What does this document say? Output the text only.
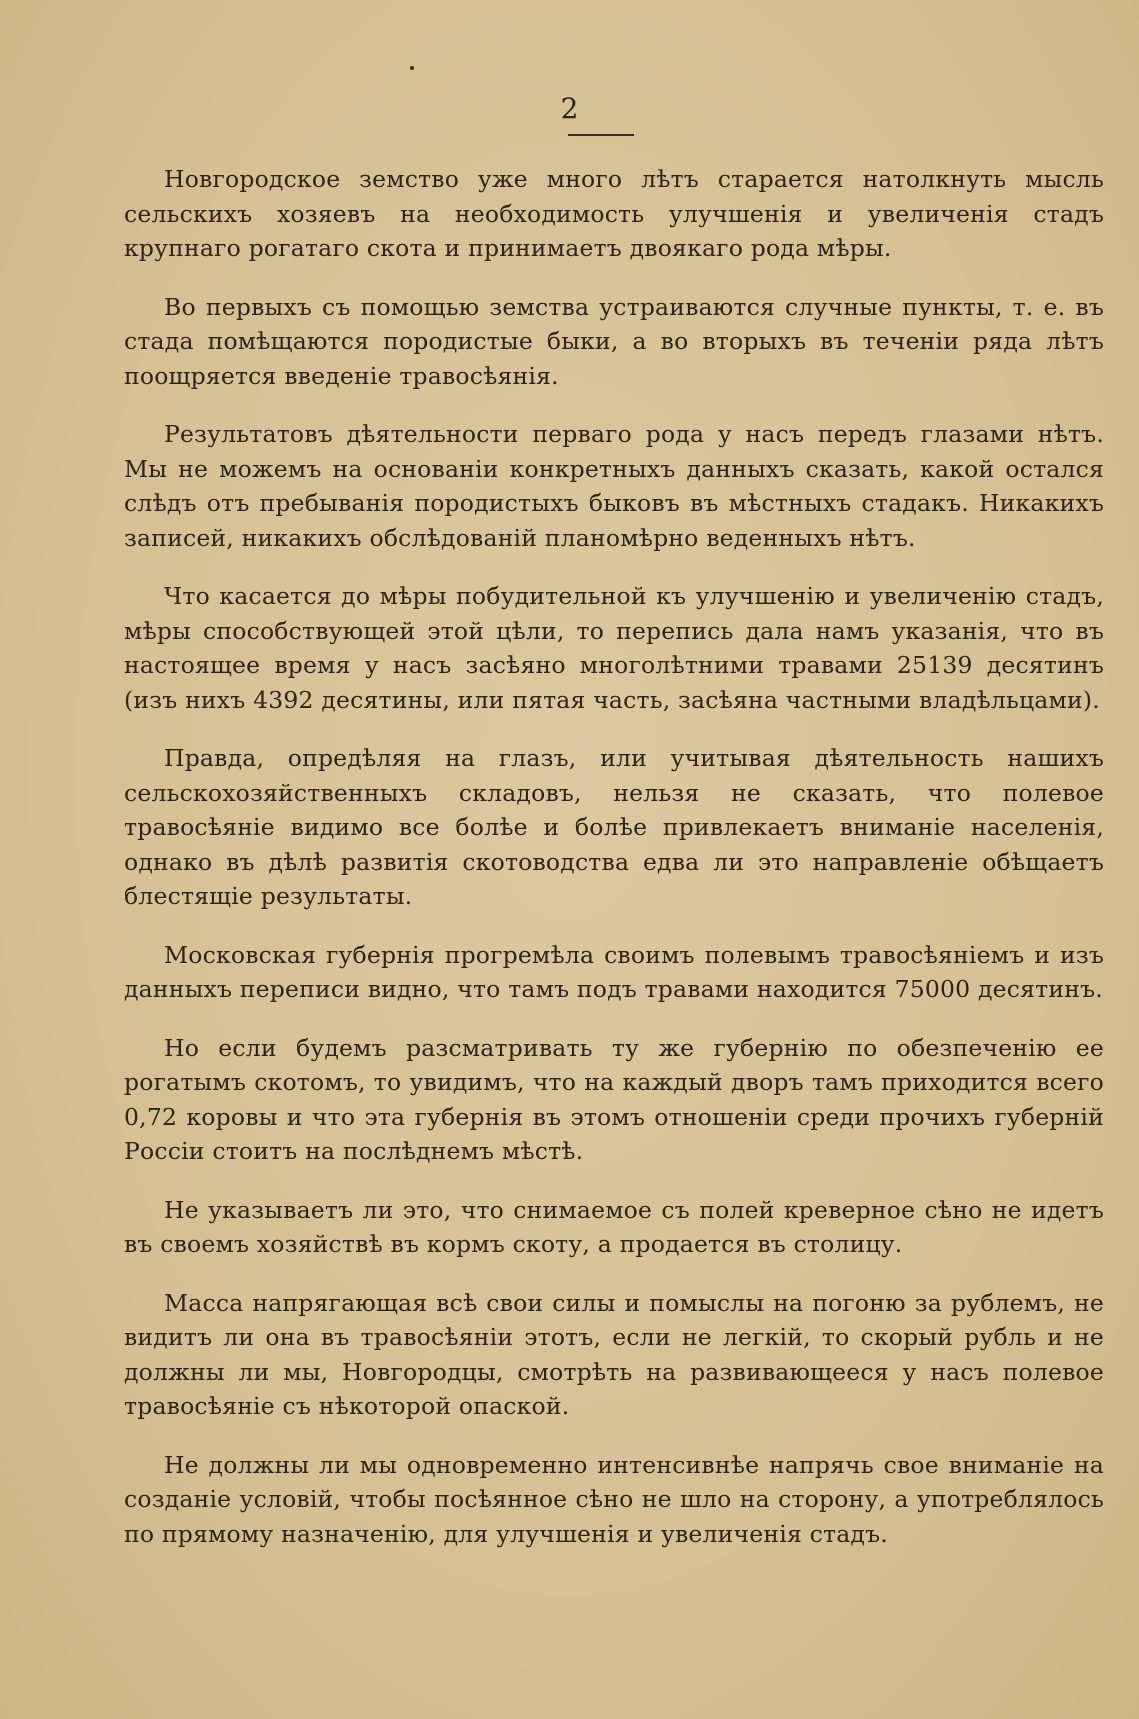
2

Новгородское земство уже много лѣтъ старается натолкнуть мысль сельскихъ хозяевъ на необходимость улучшенія и увеличенія стадъ крупнаго рогатаго скота и принимаетъ двоякаго рода мѣры.

Во первыхъ съ помощью земства устраиваются случные пункты, т. е. въ стада помѣщаются породистые быки, а во вторыхъ въ теченіи ряда лѣтъ поощряется введеніе травосѣянія.

Результатовъ дѣятельности перваго рода у насъ передъ глазами нѣтъ. Мы не можемъ на основаніи конкретныхъ данныхъ сказать, какой остался слѣдъ отъ пребыванія породистыхъ быковъ въ мѣстныхъ стадакъ. Никакихъ записей, никакихъ обслѣдованій планомѣрно веденныхъ нѣтъ.

Что касается до мѣры побудительной къ улучшенію и увеличенію стадъ, мѣры способствующей этой цѣли, то перепись дала намъ указанія, что въ настоящее время у насъ засѣяно многолѣтними травами 25139 десятинъ (изъ нихъ 4392 десятины, или пятая часть, засѣяна частными владѣльцами).

Правда, опредѣляя на глазъ, или учитывая дѣятельность нашихъ сельскохозяйственныхъ складовъ, нельзя не сказать, что полевое травосѣяніе видимо все болѣе и болѣе привлекаетъ вниманіе населенія, однако въ дѣлѣ развитія скотоводства едва ли это направленіе обѣщаетъ блестящіе результаты.

Московская губернія прогремѣла своимъ полевымъ травосѣяніемъ и изъ данныхъ переписи видно, что тамъ подъ травами находится 75000 десятинъ.

Но если будемъ разсматривать ту же губернію по обезпеченію ее рогатымъ скотомъ, то увидимъ, что на каждый дворъ тамъ приходится всего 0,72 коровы и что эта губернія въ этомъ отношеніи среди прочихъ губерній Россіи стоитъ на послѣднемъ мѣстѣ.

Не указываетъ ли это, что снимаемое съ полей креверное сѣно не идетъ въ своемъ хозяйствѣ въ кормъ скоту, а продается въ столицу.

Масса напрягающая всѣ свои силы и помыслы на погоню за рублемъ, не видитъ ли она въ травосѣяніи этотъ, если не легкій, то скорый рубль и не должны ли мы, Новгородцы, смотрѣть на развивающееся у насъ полевое травосѣяніе съ нѣкоторой опаской.

Не должны ли мы одновременно интенсивнѣе напрячь свое вниманіе на созданіе условій, чтобы посѣянное сѣно не шло на сторону, а употреблялось по прямому назначенію, для улучшенія и увеличенія стадъ.
